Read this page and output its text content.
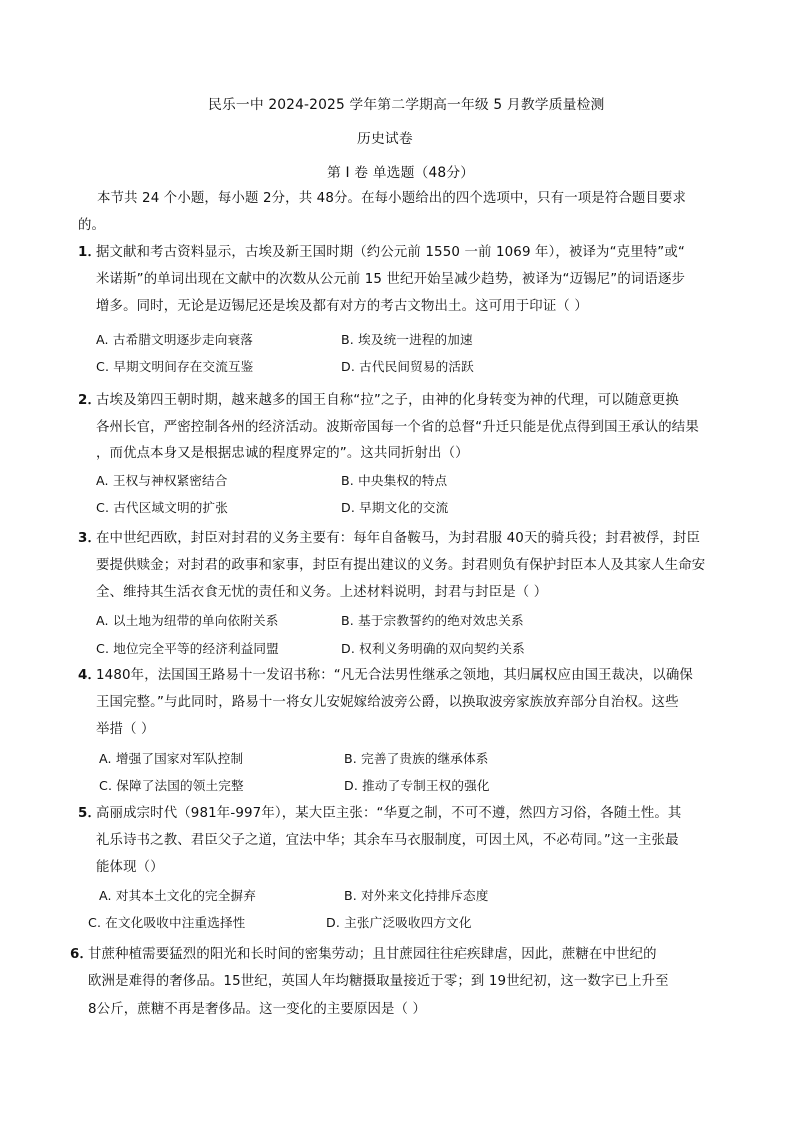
民乐一中 2024-2025 学年第二学期高一年级 5 月教学质量检测
历史试卷
第 I 卷 单选题（48分）
本节共 24 个小题，每小题 2分，共 48分。在每小题给出的四个选项中，只有一项是符合题目要求
的。
1．
据文献和考古资料显示，古埃及新王国时期（约公元前 1550 一前 1069 年），被译为“克里特”或“
米诺斯”的单词出现在文献中的次数从公元前 15 世纪开始呈减少趋势，被译为“迈锡尼”的词语逐步
增多。同时，无论是迈锡尼还是埃及都有对方的考古文物出土。这可用于印证（ ）
A. 古希腊文明逐步走向衰落	B. 埃及统一进程的加速
C. 早期文明间存在交流互鉴	D. 古代民间贸易的活跃
2．
古埃及第四王朝时期，越来越多的国王自称“拉”之子，由神的化身转变为神的代理，可以随意更换
各州长官，严密控制各州的经济活动。波斯帝国每一个省的总督“升迁只能是优点得到国王承认的结果
，而优点本身又是根据忠诚的程度界定的”。这共同折射出（）
A. 王权与神权紧密结合	B. 中央集权的特点
C. 古代区域文明的扩张	D. 早期文化的交流
3．
在中世纪西欧，封臣对封君的义务主要有：每年自备鞍马，为封君服 40天的骑兵役；封君被俘，封臣
要提供赎金；对封君的政事和家事，封臣有提出建议的义务。封君则负有保护封臣本人及其家人生命安
全、维持其生活衣食无忧的责任和义务。上述材料说明，封君与封臣是（ ）
A. 以土地为纽带的单向依附关系	B. 基于宗教誓约的绝对效忠关系
C. 地位完全平等的经济利益同盟	D. 权利义务明确的双向契约关系
4．
1480年，法国国王路易十一发诏书称：“凡无合法男性继承之领地，其归属权应由国王裁决，以确保
王国完整。”与此同时，路易十一将女儿安妮嫁给波旁公爵，以换取波旁家族放弃部分自治权。这些
举措（ ）
A. 增强了国家对军队控制	B. 完善了贵族的继承体系
C. 保障了法国的领土完整	D. 推动了专制王权的强化
5．
高丽成宗时代（981年-997年），某大臣主张：“华夏之制，不可不遵，然四方习俗，各随土性。其
礼乐诗书之教、君臣父子之道，宜法中华；其余车马衣服制度，可因土风，不必苟同。”这一主张最
能体现（）
A. 对其本土文化的完全摒弃	B. 对外来文化持排斥态度
C. 在文化吸收中注重选择性	D. 主张广泛吸收四方文化
6．
甘蔗种植需要猛烈的阳光和长时间的密集劳动；且甘蔗园往往疟疾肆虐，因此，蔗糖在中世纪的
欧洲是难得的奢侈品。15世纪，英国人年均糖摄取量接近于零；到 19世纪初，这一数字已上升至
8公斤，蔗糖不再是奢侈品。这一变化的主要原因是（ ）
